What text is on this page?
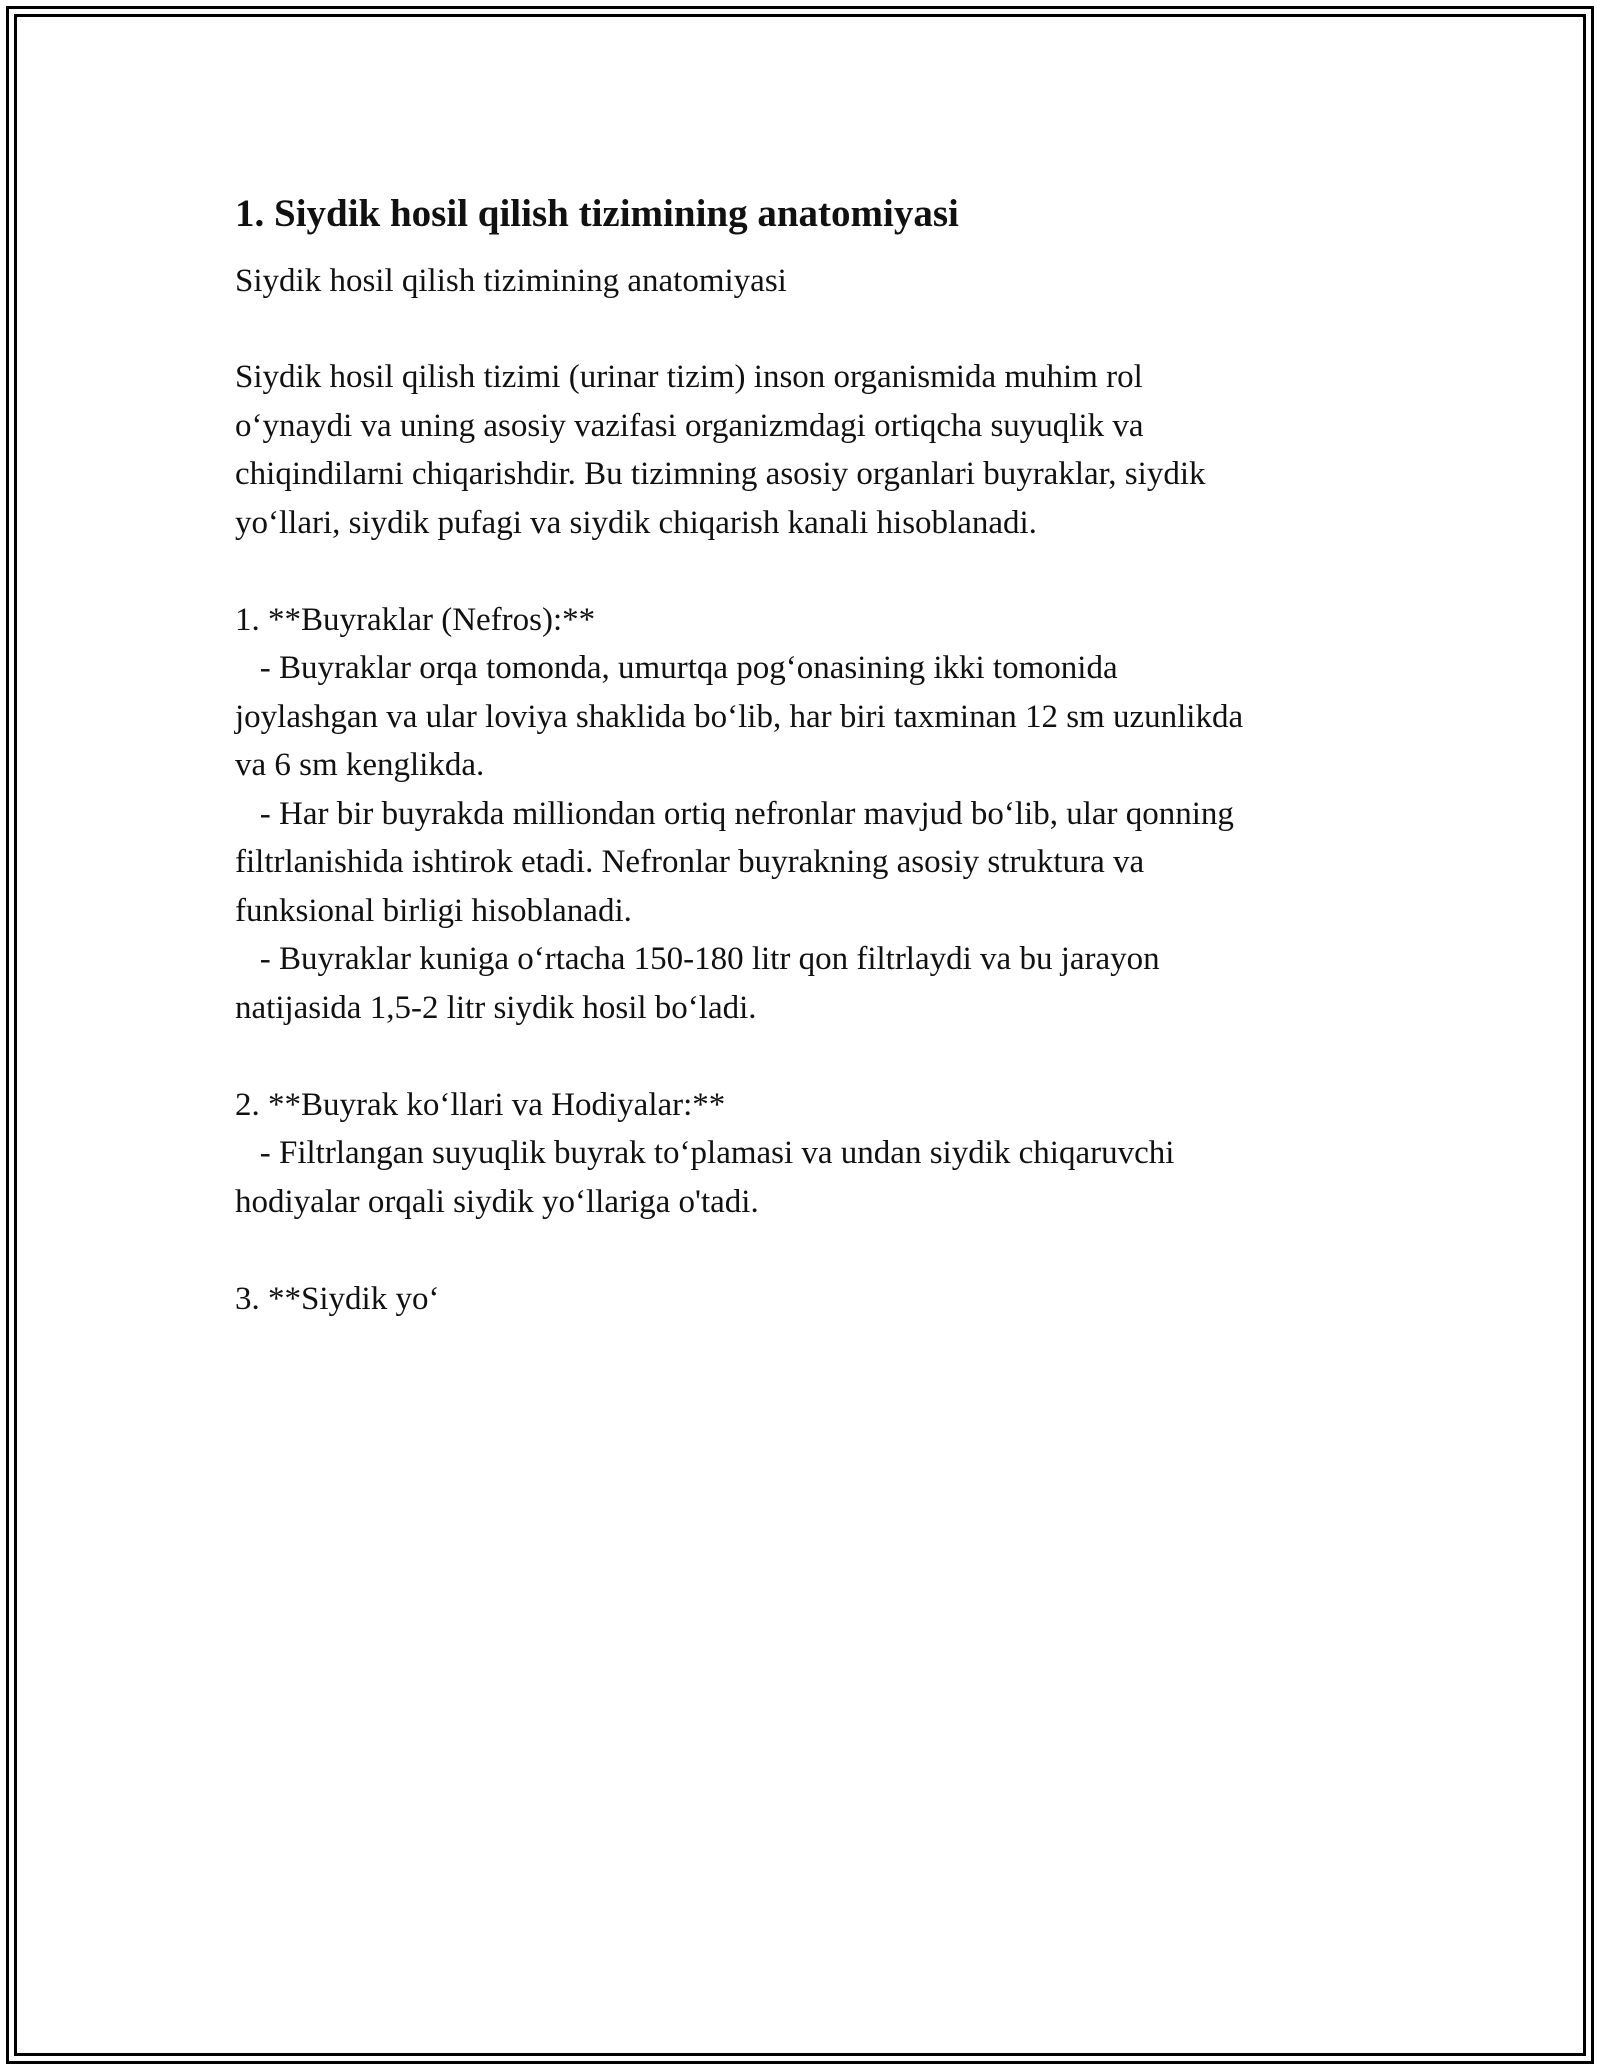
1. Siydik hosil qilish tizimining anatomiyasi

Siydik hosil qilish tizimining anatomiyasi

Siydik hosil qilish tizimi (urinar tizim) inson organismida muhim rol
o‘ynaydi va uning asosiy vazifasi organizmdagi ortiqcha suyuqlik va
chiqindilarni chiqarishdir. Bu tizimning asosiy organlari buyraklar, siydik
yo‘llari, siydik pufagi va siydik chiqarish kanali hisoblanadi.

1. **Buyraklar (Nefros):**
- Buyraklar orqa tomonda, umurtqa pog‘onasining ikki tomonida
joylashgan va ular loviya shaklida bo‘lib, har biri taxminan 12 sm uzunlikda
va 6 sm kenglikda.
- Har bir buyrakda milliondan ortiq nefronlar mavjud bo‘lib, ular qonning
filtrlanishida ishtirok etadi. Nefronlar buyrakning asosiy struktura va
funksional birligi hisoblanadi.
- Buyraklar kuniga o‘rtacha 150-180 litr qon filtrlaydi va bu jarayon
natijasida 1,5-2 litr siydik hosil bo‘ladi.

2. **Buyrak ko‘llari va Hodiyalar:**
- Filtrlangan suyuqlik buyrak to‘plamasi va undan siydik chiqaruvchi
hodiyalar orqali siydik yo‘llariga o'tadi.

3. **Siydik yo‘
